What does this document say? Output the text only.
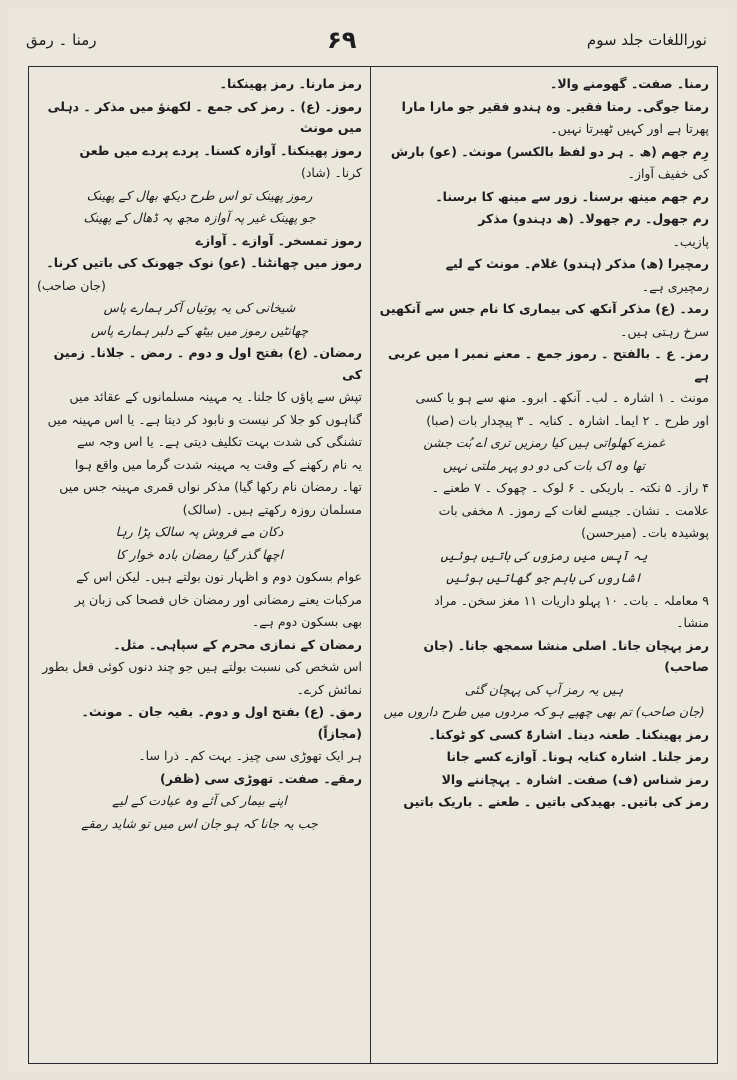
رمنا ۔ رمق	۶۹	نوراللغات جلد سوم
رمنا۔ صفت۔ گھومنے والا۔
رمتا جوگی۔ رمتا فقیر۔ وہ ہندو فقیر جو مارا مارا
پھرتا ہے اور کہیں ٹھیرتا نہیں۔
رِم جھم (ھ ۔ ہر دو لفظ بالکسر) مونث۔ (عو) بارش
کی خفیف آواز۔
رم جھم مینھ برسنا۔ زور سے مینھ کا برسنا۔
رم جھول۔ رم جھولا۔ (ھ دہندو) مذکر
پازیب۔
رمچیرا (ھ) مذکر (ہندو) غلام۔ مونث کے لیے
رمچیری ہے۔
رمد۔ (ع) مذکر آنکھ کی بیماری کا نام جس سے آنکھیں
سرخ رہتی ہیں۔
رمز۔ ع ۔ بالفتح ۔ رموز جمع ۔ معنے نمبر ا میں عربی ہے
مونث ۔ ۱ اشارہ ۔ لب۔ آنکھ۔ ابرو۔ منھ سے ہو یا کسی
اور طرح ۔ ۲ ایما۔ اشارہ ۔ کنایہ ۔ ۳ پیچدار بات (صبا)
غمزے کھلواتی ہیں کیا رمزیں تری اے بُت جشن
تھا وہ اک بات کی دو دو پہر ملتی نہیں
۴ راز۔ ۵ نکتہ ۔ باریکی ۔ ۶ لوک ۔ چھوک ۔ ۷ طعنے ۔
علامت ۔ نشان۔ جیسے لغات کے رموز۔ ۸ مخفی بات
پوشیدہ بات۔ (میرحسن)
یہ آپس میں رمزوں کی باتیں ہوئیں
اشاروں کی باہم جو گھاتیں ہوئیں
۹ معاملہ ۔ بات۔ ۱۰ پہلو داریات ۱۱ مغز سخن۔ مراد
منشا۔
رمز پہچان جانا۔ اصلی منشا سمجھ جانا۔ (جان صاحب)
ہیں یہ رمز آپ کی پہچان گئی
(جان صاحب) تم بھی چھپے ہو کہ مردوں میں طرح داروں میں
رمز پھینکنا۔ طعنہ دینا۔ اشارۃً کسی کو ٹوکنا۔
رمز جلنا۔ اشارہ کنایہ ہونا۔ آوازے کسے جانا
رمز شناس (ف) صفت۔ اشارہ ۔ پہچاننے والا
رمز کی باتیں۔ بھیدکی باتیں ۔ طعنے ۔ باریک باتیں
رمز مارنا۔ رمز پھینکنا۔
رموز۔ (ع) ۔ رمز کی جمع ۔ لکھنؤ میں مذکر ۔ دہلی میں مونث
رموز پھینکنا۔ آوازہ کسنا۔ پردے پردے میں طعن
کرنا۔ (شاد)
رموز پھینک تو اس طرح دیکھ بھال کے پھینک
جو پھینک غیر پہ آوازہ مجھ پہ ڈھال کے پھینک
رموز تمسخر۔ آوازے ۔ آوازے
رموز میں چھانٹنا۔ (عو) نوک جھونک کی باتیں کرنا۔
(جان صاحب)
شیخانی کی یہ پوتیاں آکر ہمارے پاس
چھانٹیں رموز میں بیٹھ کے دلبر ہمارے پاس
رمضان۔ (ع) بفتح اول و دوم ۔ رمض ۔ جلانا۔ زمین کی
تپش سے پاؤں کا جلنا۔ یہ مہینہ مسلمانوں کے عقائد میں
گناہوں کو جلا کر نیست و نابود کر دیتا ہے۔ یا اس مہینہ میں
تشنگی کی شدت بہت تکلیف دیتی ہے۔ یا اس وجہ سے
یہ نام رکھنے کے وقت یہ مہینہ شدت گرما میں واقع ہوا
تھا۔ رمضان نام رکھا گیا) مذکر نواں قمری مہینہ جس میں
مسلمان روزہ رکھتے ہیں۔ (سالک)
دکان مے فروش پہ سالک پڑا رہا
اچھا گذر گیا رمضان بادہ خوار کا
عوام بسکون دوم و اظہار نون بولتے ہیں۔ لیکن اس کے
مرکبات یعنے رمضانی اور رمضان خاں فصحا کی زبان پر
بھی بسکون دوم ہے۔
رمضان کے نمازی محرم کے سپاہی۔ مثل۔
اس شخص کی نسبت بولتے ہیں جو چند دنوں کوئی فعل بطور
نمائش کرے۔
رمق۔ (ع) بفتح اول و دوم۔ بقیہ جان ۔ مونث۔ (مجازاً)
ہر ایک تھوڑی سی چیز۔ بہت کم۔ ذرا سا۔
رمقے۔ صفت۔ تھوڑی سی (ظفر)
اپنے بیمار کی آئے وہ عیادت کے لیے
جب یہ جانا کہ ہو جان اس میں تو شاید رمقے
